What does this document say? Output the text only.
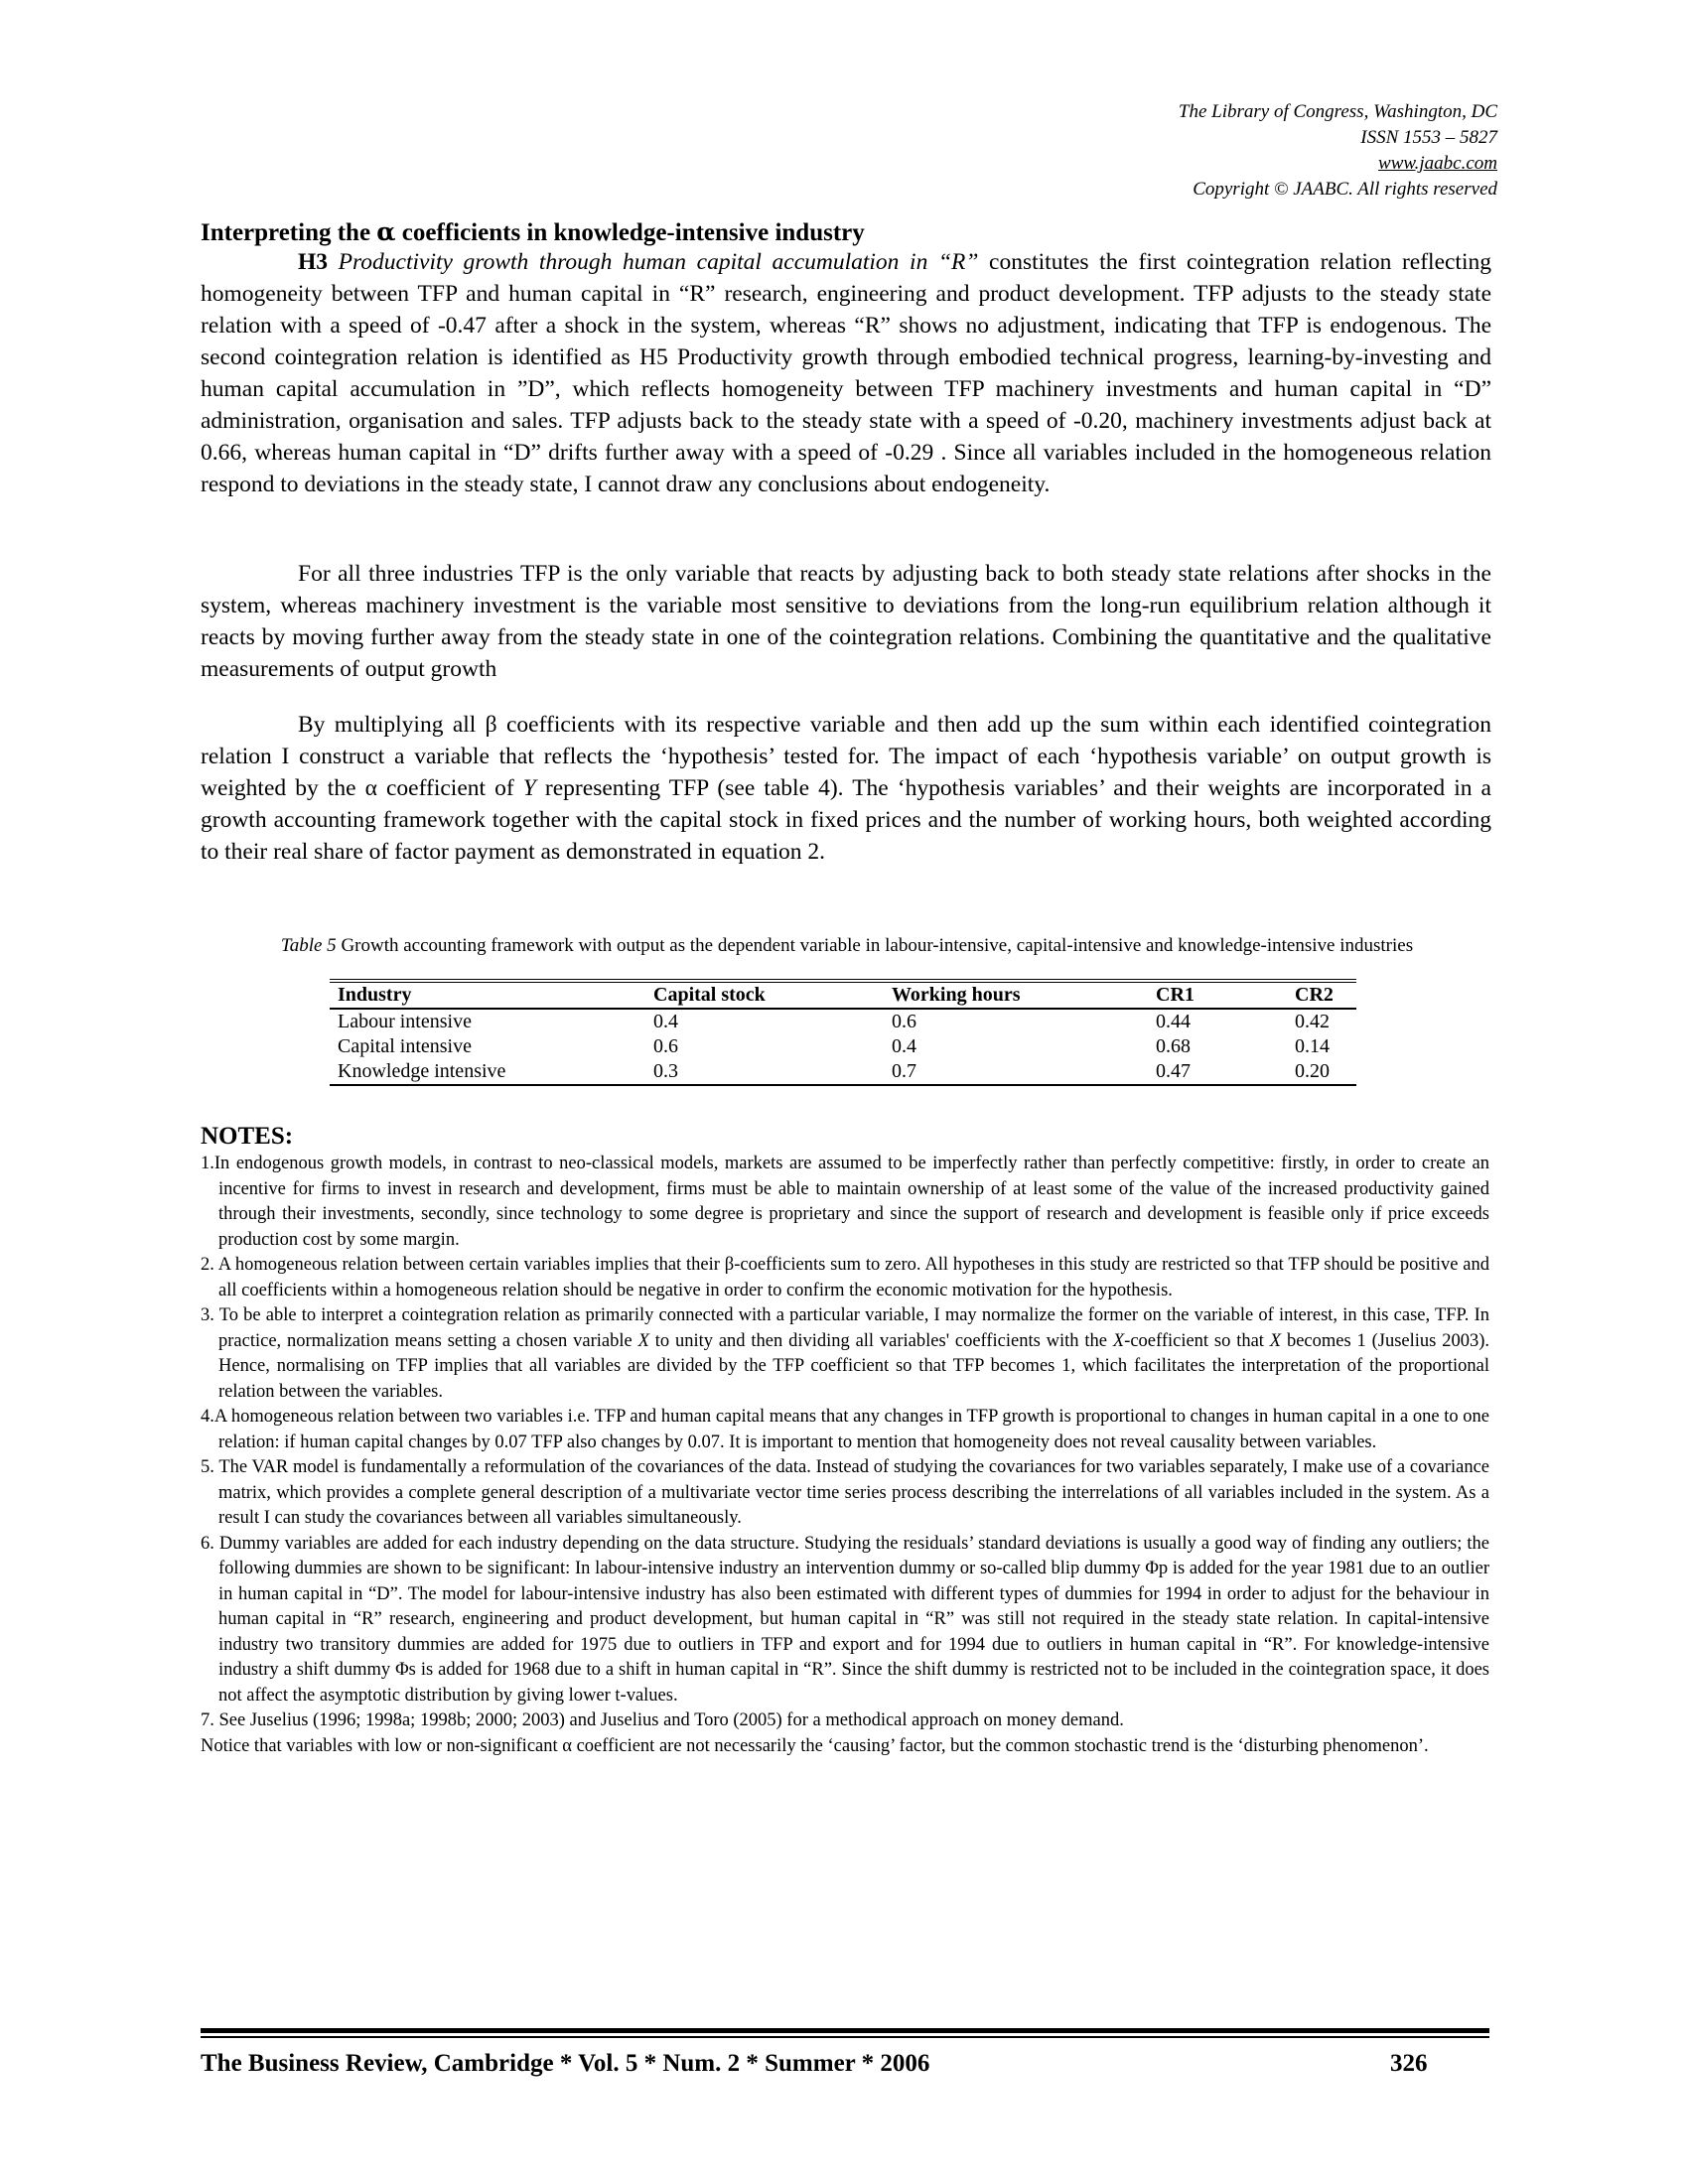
The Library of Congress, Washington, DC
ISSN 1553 – 5827
www.jaabc.com
Copyright © JAABC. All rights reserved
Interpreting the α coefficients in knowledge-intensive industry
H3 Productivity growth through human capital accumulation in “R” constitutes the first cointegration relation reflecting homogeneity between TFP and human capital in “R” research, engineering and product development. TFP adjusts to the steady state relation with a speed of -0.47 after a shock in the system, whereas “R” shows no adjustment, indicating that TFP is endogenous. The second cointegration relation is identified as H5 Productivity growth through embodied technical progress, learning-by-investing and human capital accumulation in ”D”, which reflects homogeneity between TFP machinery investments and human capital in “D” administration, organisation and sales. TFP adjusts back to the steady state with a speed of -0.20, machinery investments adjust back at 0.66, whereas human capital in “D” drifts further away with a speed of -0.29 . Since all variables included in the homogeneous relation respond to deviations in the steady state, I cannot draw any conclusions about endogeneity.
For all three industries TFP is the only variable that reacts by adjusting back to both steady state relations after shocks in the system, whereas machinery investment is the variable most sensitive to deviations from the long-run equilibrium relation although it reacts by moving further away from the steady state in one of the cointegration relations. Combining the quantitative and the qualitative measurements of output growth
By multiplying all β coefficients with its respective variable and then add up the sum within each identified cointegration relation I construct a variable that reflects the ‘hypothesis’ tested for. The impact of each ‘hypothesis variable’ on output growth is weighted by the α coefficient of Y representing TFP (see table 4). The ‘hypothesis variables’ and their weights are incorporated in a growth accounting framework together with the capital stock in fixed prices and the number of working hours, both weighted according to their real share of factor payment as demonstrated in equation 2.
Table 5 Growth accounting framework with output as the dependent variable in labour-intensive, capital-intensive and knowledge-intensive industries
Industry	Capital stock	Working hours	CR1	CR2
Labour intensive	0.4	0.6	0.44	0.42
Capital intensive	0.6	0.4	0.68	0.14
Knowledge intensive	0.3	0.7	0.47	0.20
NOTES:
1.In endogenous growth models, in contrast to neo-classical models, markets are assumed to be imperfectly rather than perfectly competitive: firstly, in order to create an incentive for firms to invest in research and development, firms must be able to maintain ownership of at least some of the value of the increased productivity gained through their investments, secondly, since technology to some degree is proprietary and since the support of research and development is feasible only if price exceeds production cost by some margin.
2. A homogeneous relation between certain variables implies that their β-coefficients sum to zero. All hypotheses in this study are restricted so that TFP should be positive and all coefficients within a homogeneous relation should be negative in order to confirm the economic motivation for the hypothesis.
3. To be able to interpret a cointegration relation as primarily connected with a particular variable, I may normalize the former on the variable of interest, in this case, TFP. In practice, normalization means setting a chosen variable X to unity and then dividing all variables' coefficients with the X-coefficient so that X becomes 1 (Juselius 2003). Hence, normalising on TFP implies that all variables are divided by the TFP coefficient so that TFP becomes 1, which facilitates the interpretation of the proportional relation between the variables.
4.A homogeneous relation between two variables i.e. TFP and human capital means that any changes in TFP growth is proportional to changes in human capital in a one to one relation: if human capital changes by 0.07 TFP also changes by 0.07. It is important to mention that homogeneity does not reveal causality between variables.
5. The VAR model is fundamentally a reformulation of the covariances of the data. Instead of studying the covariances for two variables separately, I make use of a covariance matrix, which provides a complete general description of a multivariate vector time series process describing the interrelations of all variables included in the system. As a result I can study the covariances between all variables simultaneously.
6. Dummy variables are added for each industry depending on the data structure. Studying the residuals’ standard deviations is usually a good way of finding any outliers; the following dummies are shown to be significant: In labour-intensive industry an intervention dummy or so-called blip dummy Φp is added for the year 1981 due to an outlier in human capital in “D”. The model for labour-intensive industry has also been estimated with different types of dummies for 1994 in order to adjust for the behaviour in human capital in “R” research, engineering and product development, but human capital in “R” was still not required in the steady state relation. In capital-intensive industry two transitory dummies are added for 1975 due to outliers in TFP and export and for 1994 due to outliers in human capital in “R”. For knowledge-intensive industry a shift dummy Φs is added for 1968 due to a shift in human capital in “R”. Since the shift dummy is restricted not to be included in the cointegration space, it does not affect the asymptotic distribution by giving lower t-values.
7. See Juselius (1996; 1998a; 1998b; 2000; 2003) and Juselius and Toro (2005) for a methodical approach on money demand.
Notice that variables with low or non-significant α coefficient are not necessarily the ‘causing’ factor, but the common stochastic trend is the ‘disturbing phenomenon’.
The Business Review, Cambridge * Vol. 5 * Num. 2 * Summer * 2006	326
